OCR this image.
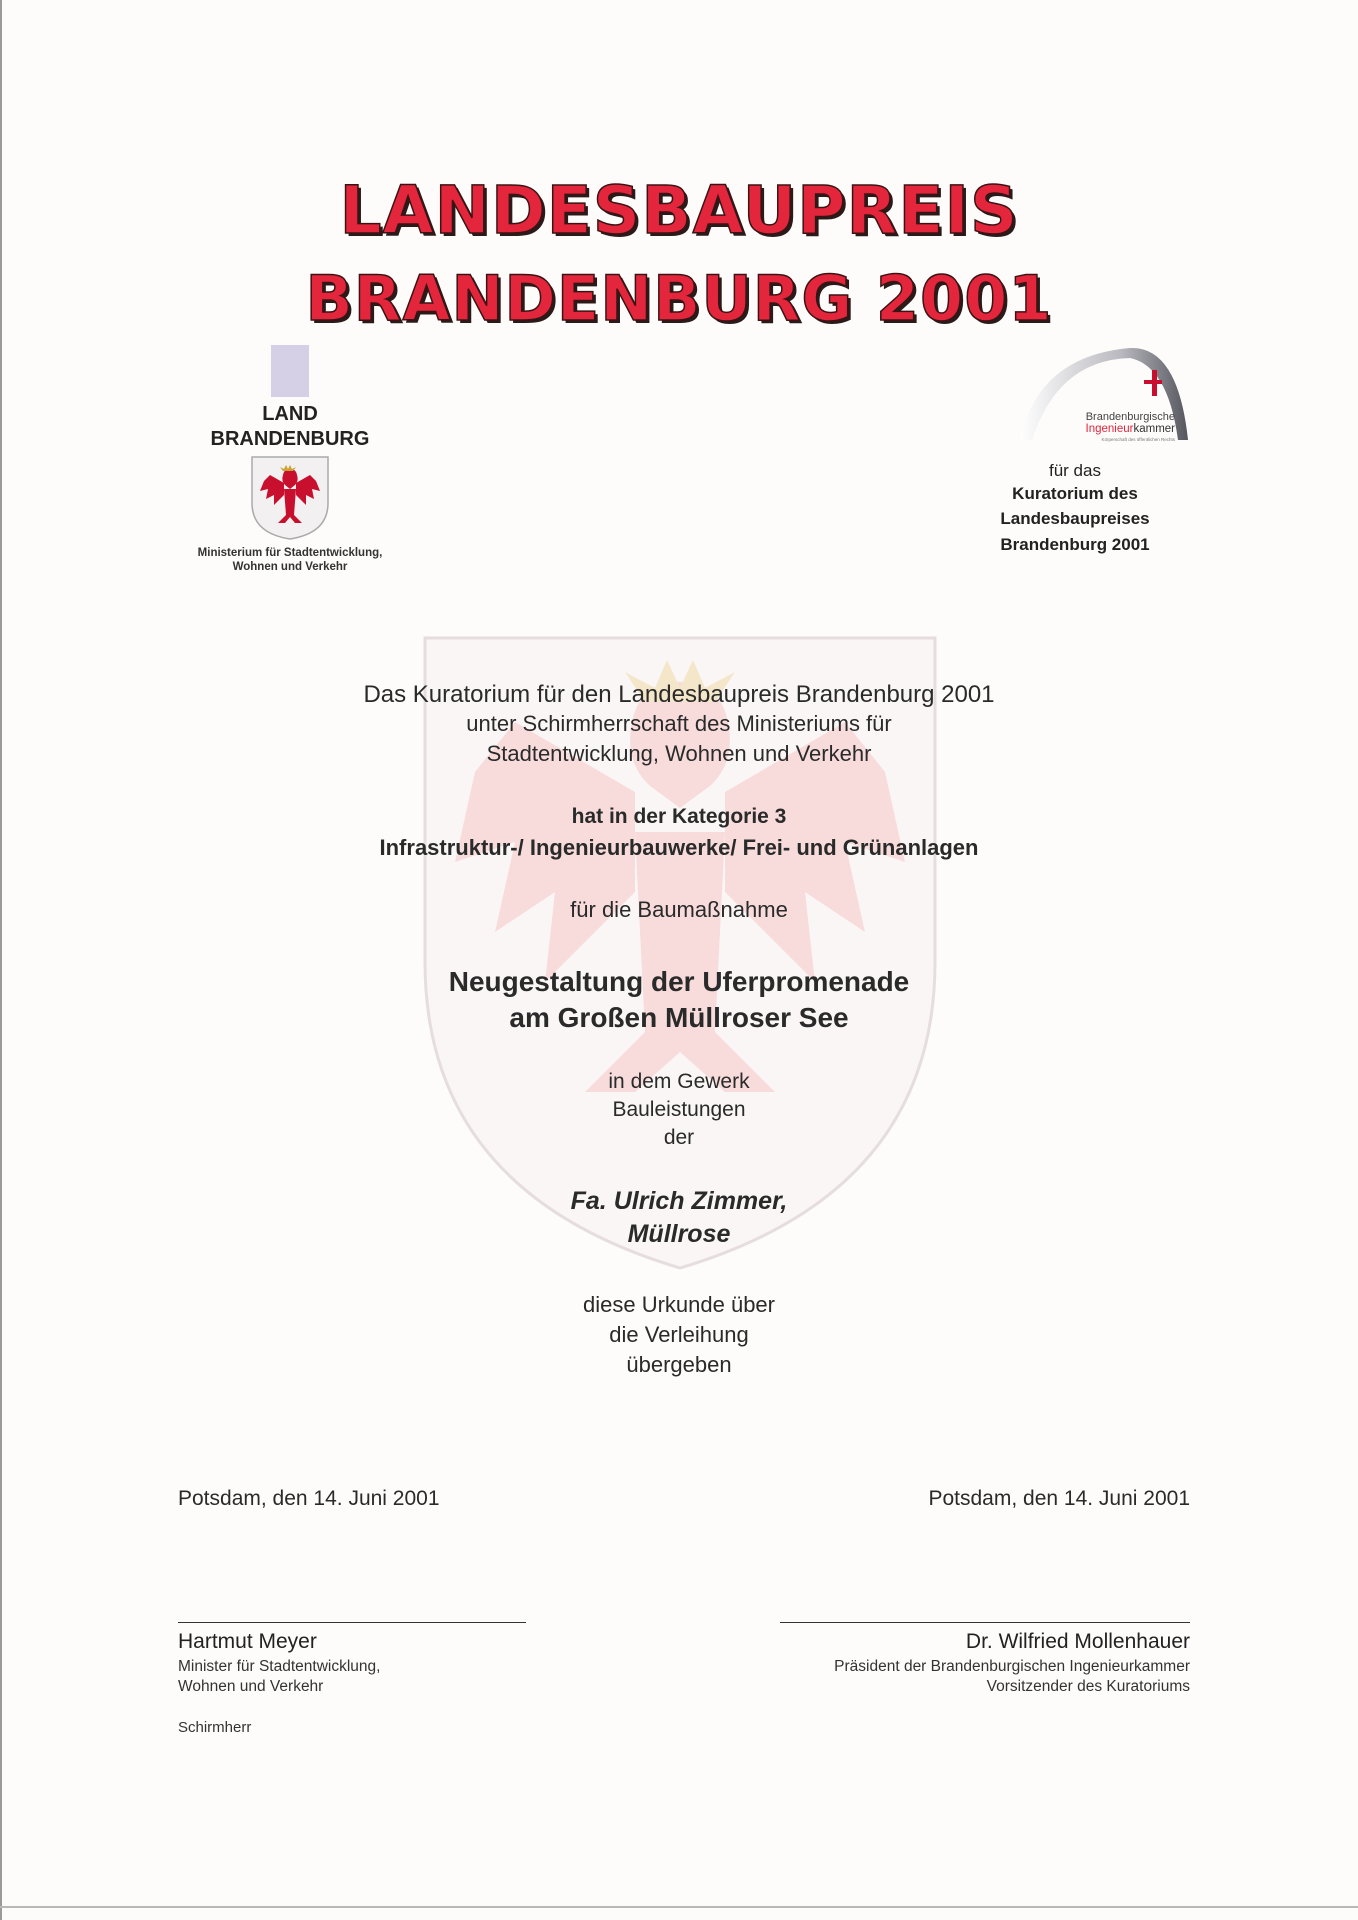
LANDESBAUPREIS
BRANDENBURG 2001
LAND
BRANDENBURG
Ministerium für Stadtentwicklung,
Wohnen und Verkehr
Brandenburgische
Ingenieurkammer
Körperschaft des öffentlichen Rechts
für das
Kuratorium des
Landesbaupreises
Brandenburg 2001
Das Kuratorium für den Landesbaupreis Brandenburg 2001
unter Schirmherrschaft des Ministeriums für
Stadtentwicklung, Wohnen und Verkehr
hat in der Kategorie 3
Infrastruktur-/ Ingenieurbauwerke/ Frei- und Grünanlagen
für die Baumaßnahme
Neugestaltung der Uferpromenade
am Großen Müllroser See
in dem Gewerk
Bauleistungen
der
Fa. Ulrich Zimmer,
Müllrose
diese Urkunde über
die Verleihung
übergeben
Potsdam, den 14. Juni 2001	Potsdam, den 14. Juni 2001
Hartmut Meyer
Minister für Stadtentwicklung,
Wohnen und Verkehr
Schirmherr
Dr. Wilfried Mollenhauer
Präsident der Brandenburgischen Ingenieurkammer
Vorsitzender des Kuratoriums
